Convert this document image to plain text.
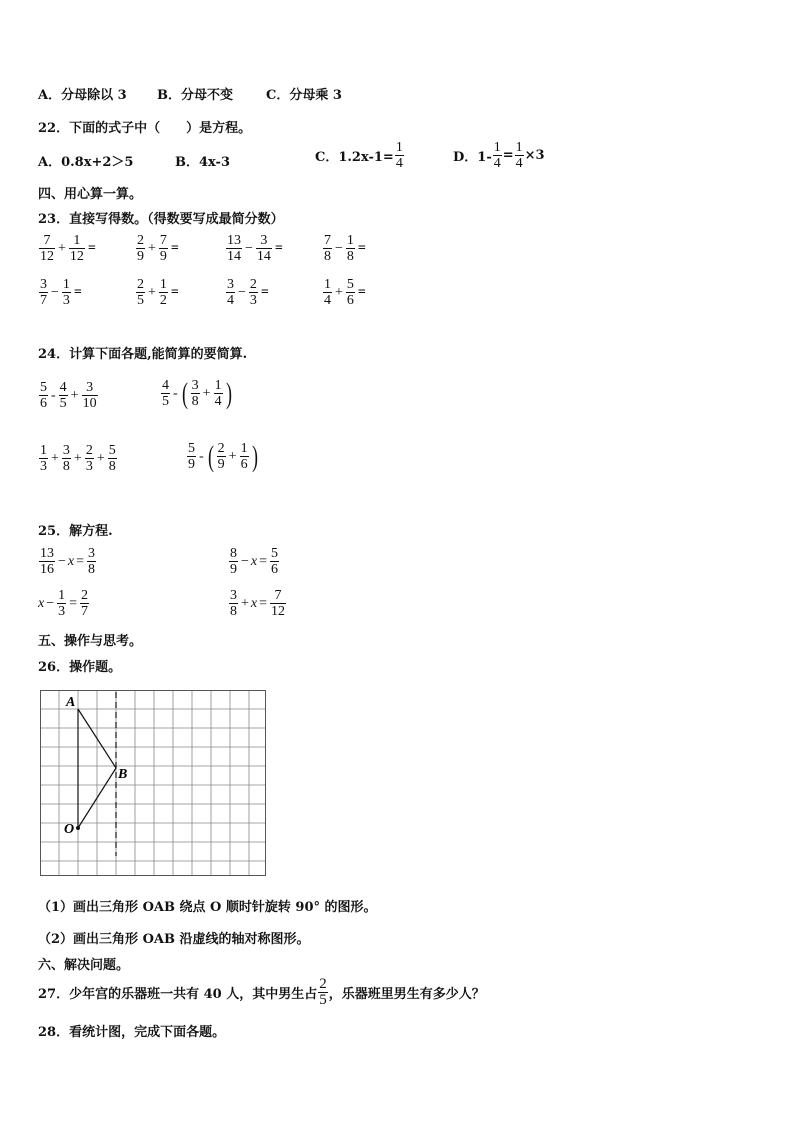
A．分母除以 3 B．分母不变	C．分母乘 3
22．下面的式子中（　　）是方程。
A．0.8x+2＞5	B．4x-3	C．$1.2x-1= \frac{1}{4}$	D．$1- \frac{1}{4} = \frac{1}{4} \times 3$
四、用心算一算。
23．直接写得数。（得数要写成最简分数）
24．计算下面各题,能简算的要简算.
25．解方程.
五、操作与思考。
26．操作题。
A
B
O
（1）画出三角形 OAB 绕点 O 顺时针旋转 90° 的图形。
（2）画出三角形 OAB 沿虚线的轴对称图形。
六、解决问题。
27．少年宫的乐器班一共有 40 人，其中男生占 $\frac{2}{5}$ ，乐器班里男生有多少人？
28．看统计图，完成下面各题。
$\frac{7}{12} + \frac{1}{12}$ =	$\frac{2}{9} + \frac{7}{9}$ =	$\frac{13}{14} - \frac{3}{14}$ =	$\frac{7}{8} - \frac{1}{8}$ =
$\frac{3}{7} - \frac{1}{3}$ =	$\frac{2}{5} + \frac{1}{2}$ =	$\frac{3}{4} - \frac{2}{3}$ =	$\frac{1}{4} + \frac{5}{6}$ =
$\frac{5}{6} - \frac{4}{5} + \frac{3}{10}$	$\frac{4}{5}$ - ( $\frac{3}{8} + \frac{1}{4}$ )
$\frac{1}{3} + \frac{3}{8} + \frac{2}{3} + \frac{5}{8}$	$\frac{5}{9}$ - ( $\frac{2}{9} + \frac{1}{6}$ )
$\frac{13}{16} - x = \frac{3}{8}$	$\frac{8}{9} - x = \frac{5}{6}$
$x - \frac{1}{3} = \frac{2}{7}$	$\frac{3}{8} + x = \frac{7}{12}$
